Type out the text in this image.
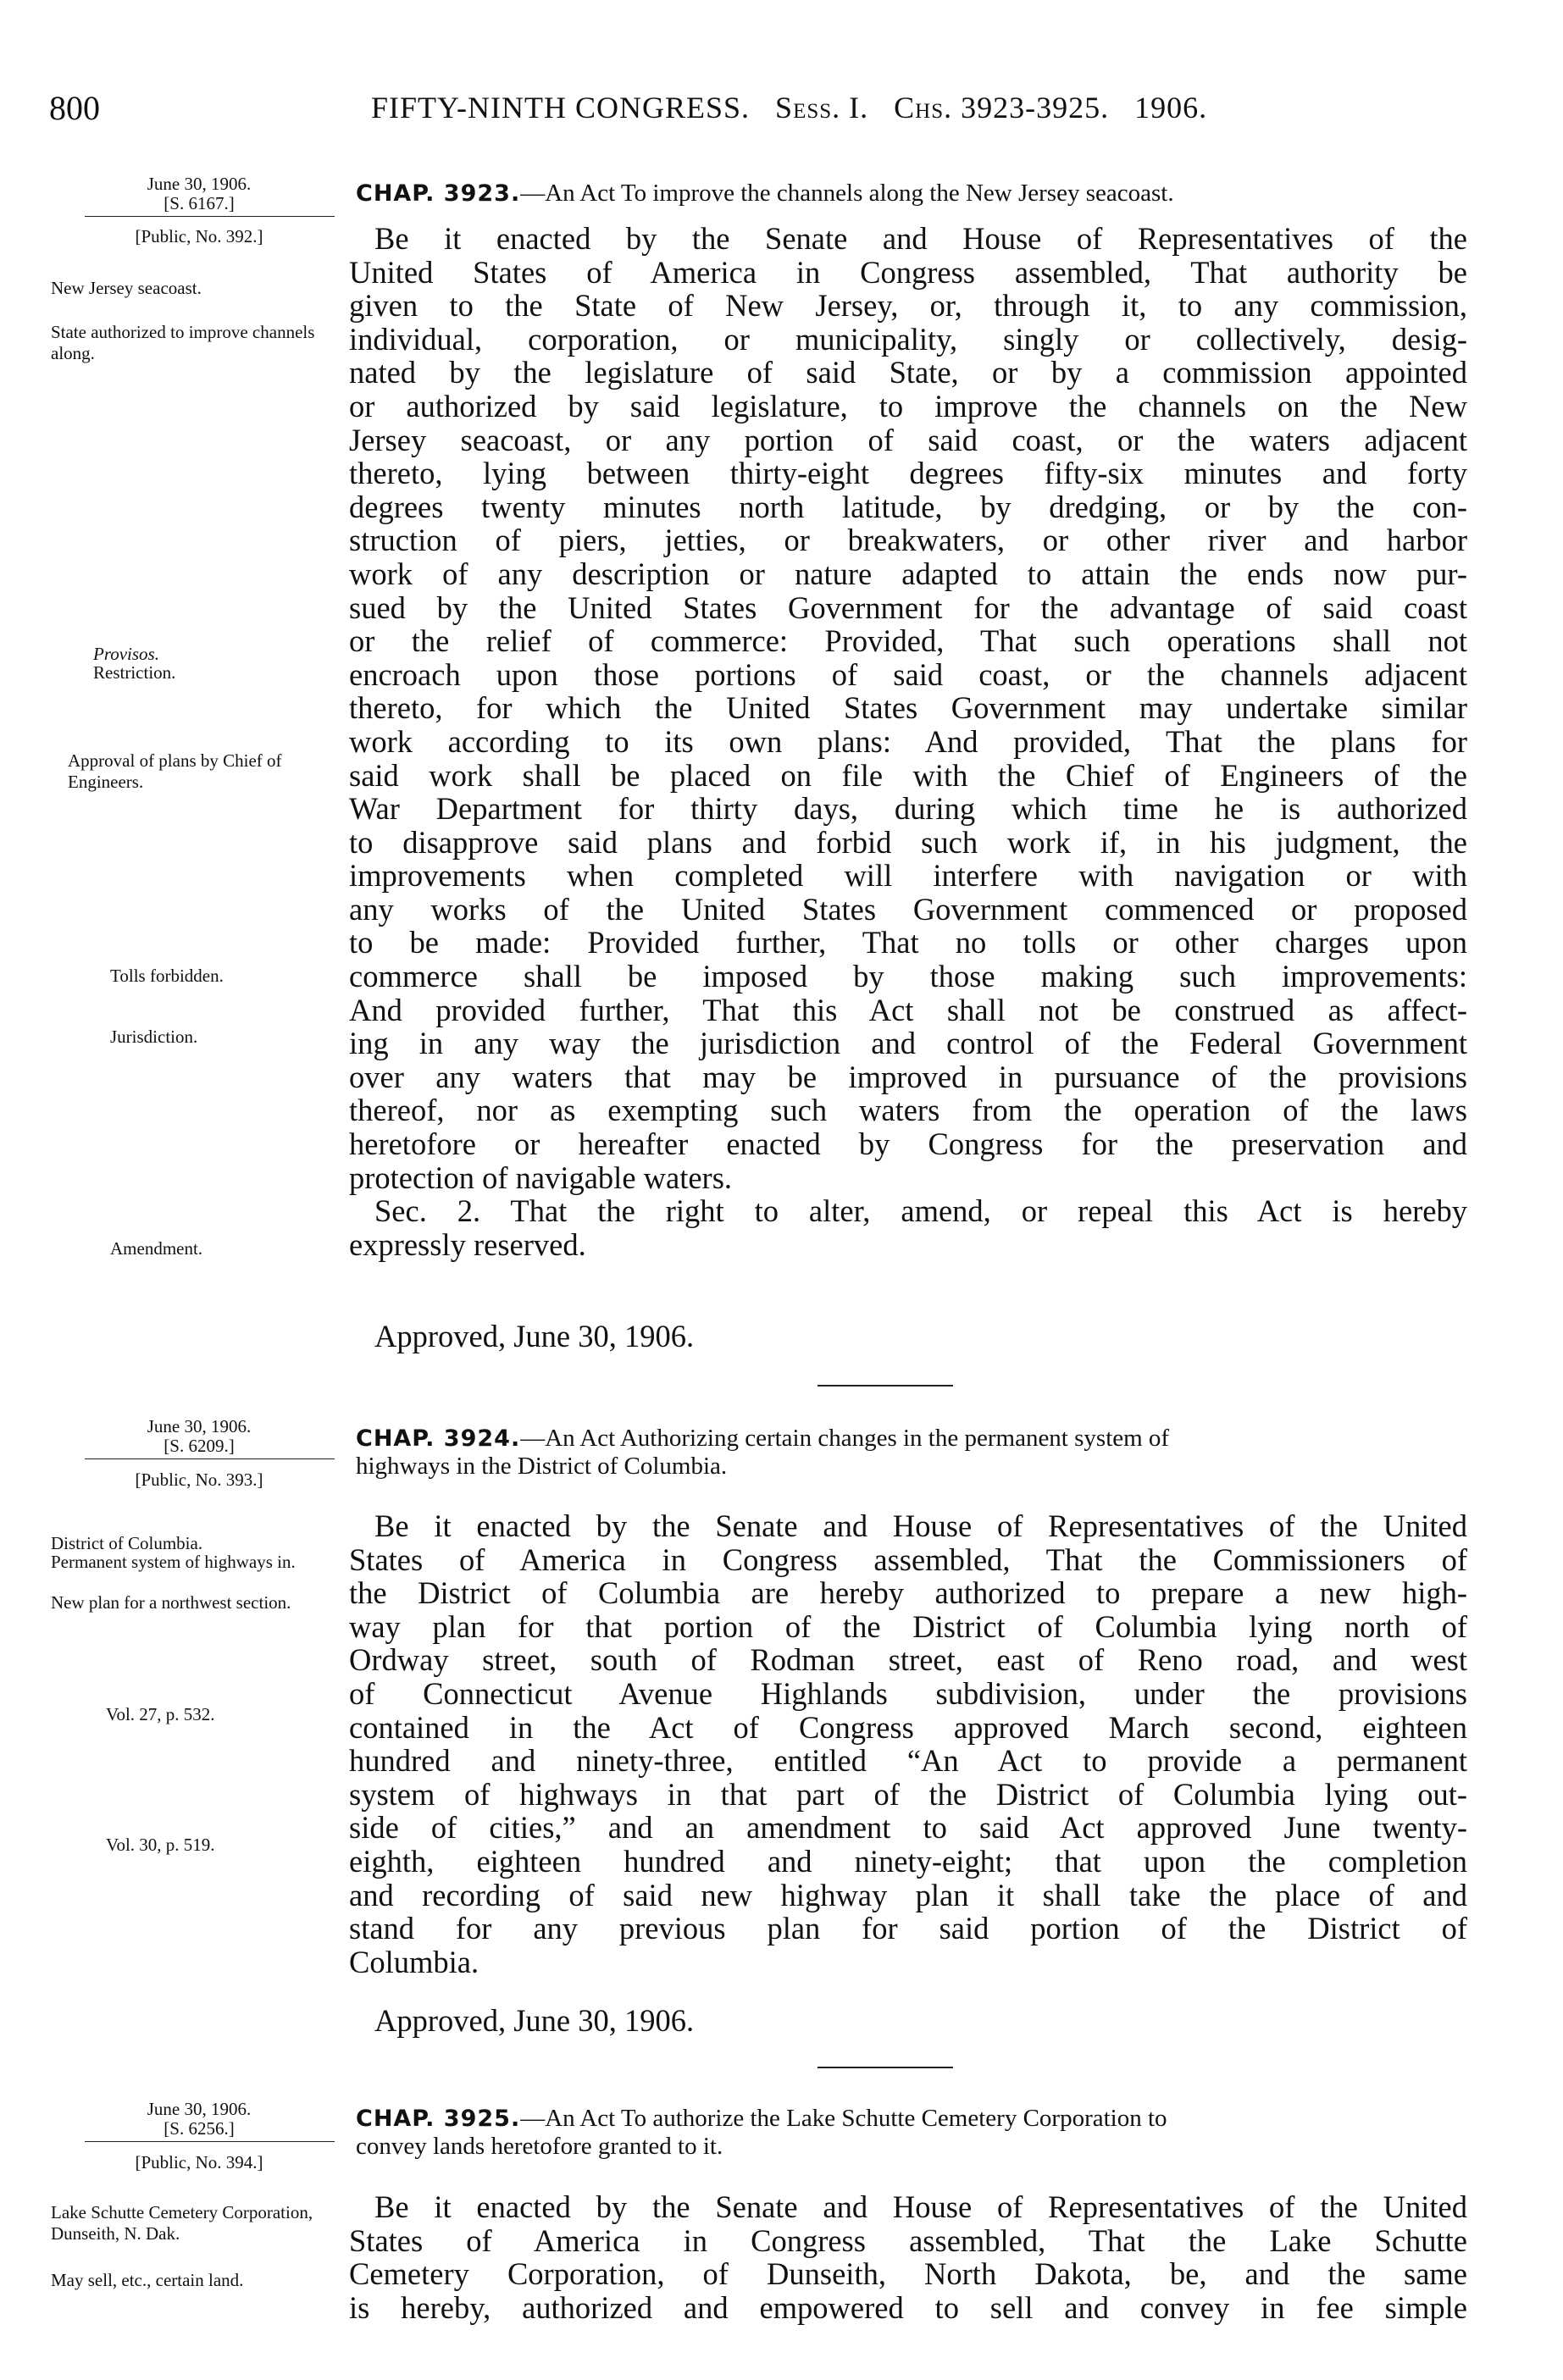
800	FIFTY-NINTH CONGRESS. Sess. I. Chs. 3923-3925. 1906.
June 30, 1906.
[S. 6167.]
[Public, No. 392.]
New Jersey seacoast.
State authorized to improve channels along.
Provisos.
Restriction.
Approval of plans by Chief of Engineers.
Tolls forbidden.
Jurisdiction.
Amendment.
CHAP. 3923.—An Act To improve the channels along the New Jersey seacoast.
Be it enacted by the Senate and House of Representatives of the
United States of America in Congress assembled, That authority be
given to the State of New Jersey, or, through it, to any commission,
individual, corporation, or municipality, singly or collectively, desig-
nated by the legislature of said State, or by a commission appointed
or authorized by said legislature, to improve the channels on the New
Jersey seacoast, or any portion of said coast, or the waters adjacent
thereto, lying between thirty-eight degrees fifty-six minutes and forty
degrees twenty minutes north latitude, by dredging, or by the con-
struction of piers, jetties, or breakwaters, or other river and harbor
work of any description or nature adapted to attain the ends now pur-
sued by the United States Government for the advantage of said coast
or the relief of commerce: Provided, That such operations shall not
encroach upon those portions of said coast, or the channels adjacent
thereto, for which the United States Government may undertake similar
work according to its own plans: And provided, That the plans for
said work shall be placed on file with the Chief of Engineers of the
War Department for thirty days, during which time he is authorized
to disapprove said plans and forbid such work if, in his judgment, the
improvements when completed will interfere with navigation or with
any works of the United States Government commenced or proposed
to be made: Provided further, That no tolls or other charges upon
commerce shall be imposed by those making such improvements:
And provided further, That this Act shall not be construed as affect-
ing in any way the jurisdiction and control of the Federal Government
over any waters that may be improved in pursuance of the provisions
thereof, nor as exempting such waters from the operation of the laws
heretofore or hereafter enacted by Congress for the preservation and
protection of navigable waters.
Sec. 2. That the right to alter, amend, or repeal this Act is hereby
expressly reserved.
Approved, June 30, 1906.
June 30, 1906.
[S. 6209.]
[Public, No. 393.]
District of Columbia.
Permanent system of highways in.
New plan for a northwest section.
Vol. 27, p. 532.
Vol. 30, p. 519.
CHAP. 3924.—An Act Authorizing certain changes in the permanent system of
highways in the District of Columbia.
Be it enacted by the Senate and House of Representatives of the United
States of America in Congress assembled, That the Commissioners of
the District of Columbia are hereby authorized to prepare a new high-
way plan for that portion of the District of Columbia lying north of
Ordway street, south of Rodman street, east of Reno road, and west
of Connecticut Avenue Highlands subdivision, under the provisions
contained in the Act of Congress approved March second, eighteen
hundred and ninety-three, entitled “An Act to provide a permanent
system of highways in that part of the District of Columbia lying out-
side of cities,” and an amendment to said Act approved June twenty-
eighth, eighteen hundred and ninety-eight; that upon the completion
and recording of said new highway plan it shall take the place of and
stand for any previous plan for said portion of the District of
Columbia.
Approved, June 30, 1906.
June 30, 1906.
[S. 6256.]
[Public, No. 394.]
Lake Schutte Cemetery Corporation, Dunseith, N. Dak.
May sell, etc., certain land.
CHAP. 3925.—An Act To authorize the Lake Schutte Cemetery Corporation to
convey lands heretofore granted to it.
Be it enacted by the Senate and House of Representatives of the United
States of America in Congress assembled, That the Lake Schutte
Cemetery Corporation, of Dunseith, North Dakota, be, and the same
is hereby, authorized and empowered to sell and convey in fee simple
